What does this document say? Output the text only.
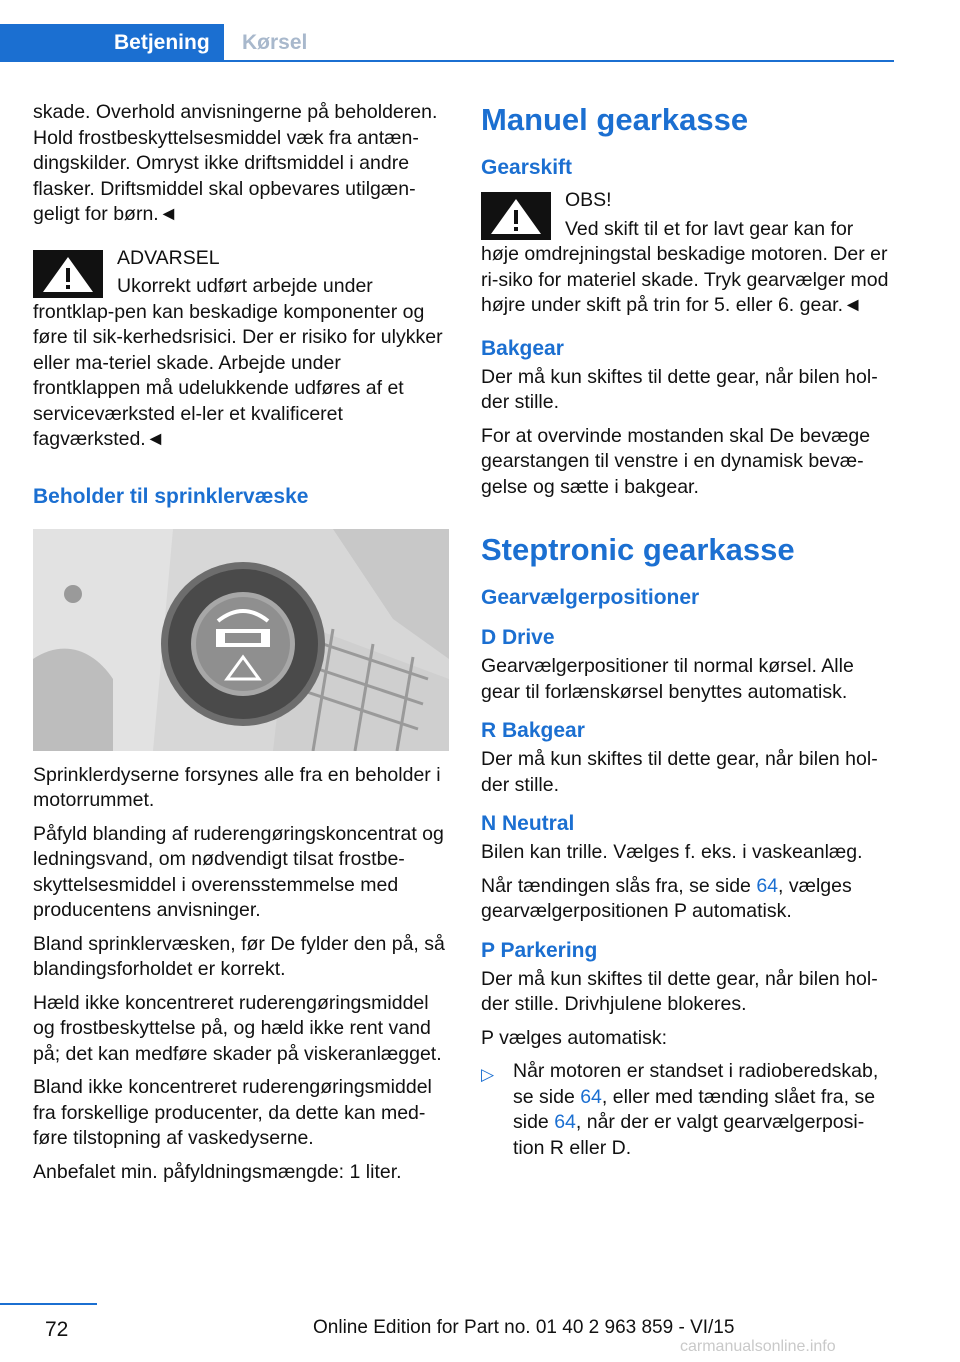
Betjening	Kørsel

skade. Overhold anvisningerne på beholderen. Hold frostbeskyttelsesmiddel væk fra antæn-dingskilder. Omryst ikke driftsmiddel i andre flasker. Driftsmiddel skal opbevares utilgæn-geligt for børn.◄

ADVARSEL

Ukorrekt udført arbejde under frontklap-pen kan beskadige komponenter og føre til sik-kerhedsrisici. Der er risiko for ulykker eller ma-teriel skade. Arbejde under frontklappen må udelukkende udføres af et serviceværksted el-ler et kvalificeret fagværksted.◄

Beholder til sprinklervæske

Sprinklerdyserne forsynes alle fra en beholder i motorrummet.

Påfyld blanding af ruderengøringskoncentrat og ledningsvand, om nødvendigt tilsat frostbe-skyttelsesmiddel i overensstemmelse med producentens anvisninger.

Bland sprinklervæsken, før De fylder den på, så blandingsforholdet er korrekt.

Hæld ikke koncentreret ruderengøringsmiddel og frostbeskyttelse på, og hæld ikke rent vand på; det kan medføre skader på viskeranlægget.

Bland ikke koncentreret ruderengøringsmiddel fra forskellige producenter, da dette kan med-føre tilstopning af vaskedyserne.

Anbefalet min. påfyldningsmængde: 1 liter.

Manuel gearkasse
Gearskift
OBS!

Ved skift til et for lavt gear kan for høje omdrejningstal beskadige motoren. Der er ri-siko for materiel skade. Tryk gearvælger mod højre under skift på trin for 5. eller 6. gear.◄

Bakgear

Der må kun skiftes til dette gear, når bilen hol-der stille.

For at overvinde mostanden skal De bevæge gearstangen til venstre i en dynamisk bevæ-gelse og sætte i bakgear.

Steptronic gearkasse
Gearvælgerpositioner
D Drive

Gearvælgerpositioner til normal kørsel. Alle gear til forlænskørsel benyttes automatisk.

R Bakgear

Der må kun skiftes til dette gear, når bilen hol-der stille.

N Neutral

Bilen kan trille. Vælges f. eks. i vaskeanlæg.

Når tændingen slås fra, se side 64, vælges gearvælgerpositionen P automatisk.

P Parkering

Der må kun skiftes til dette gear, når bilen hol-der stille. Drivhjulene blokeres.

P vælges automatisk:

▷ Når motoren er standset i radioberedskab, se side 64, eller med tænding slået fra, se side 64, når der er valgt gearvælgerposi-tion R eller D.

72	Online Edition for Part no. 01 40 2 963 859 - VI/15
carmanualsonline.info
